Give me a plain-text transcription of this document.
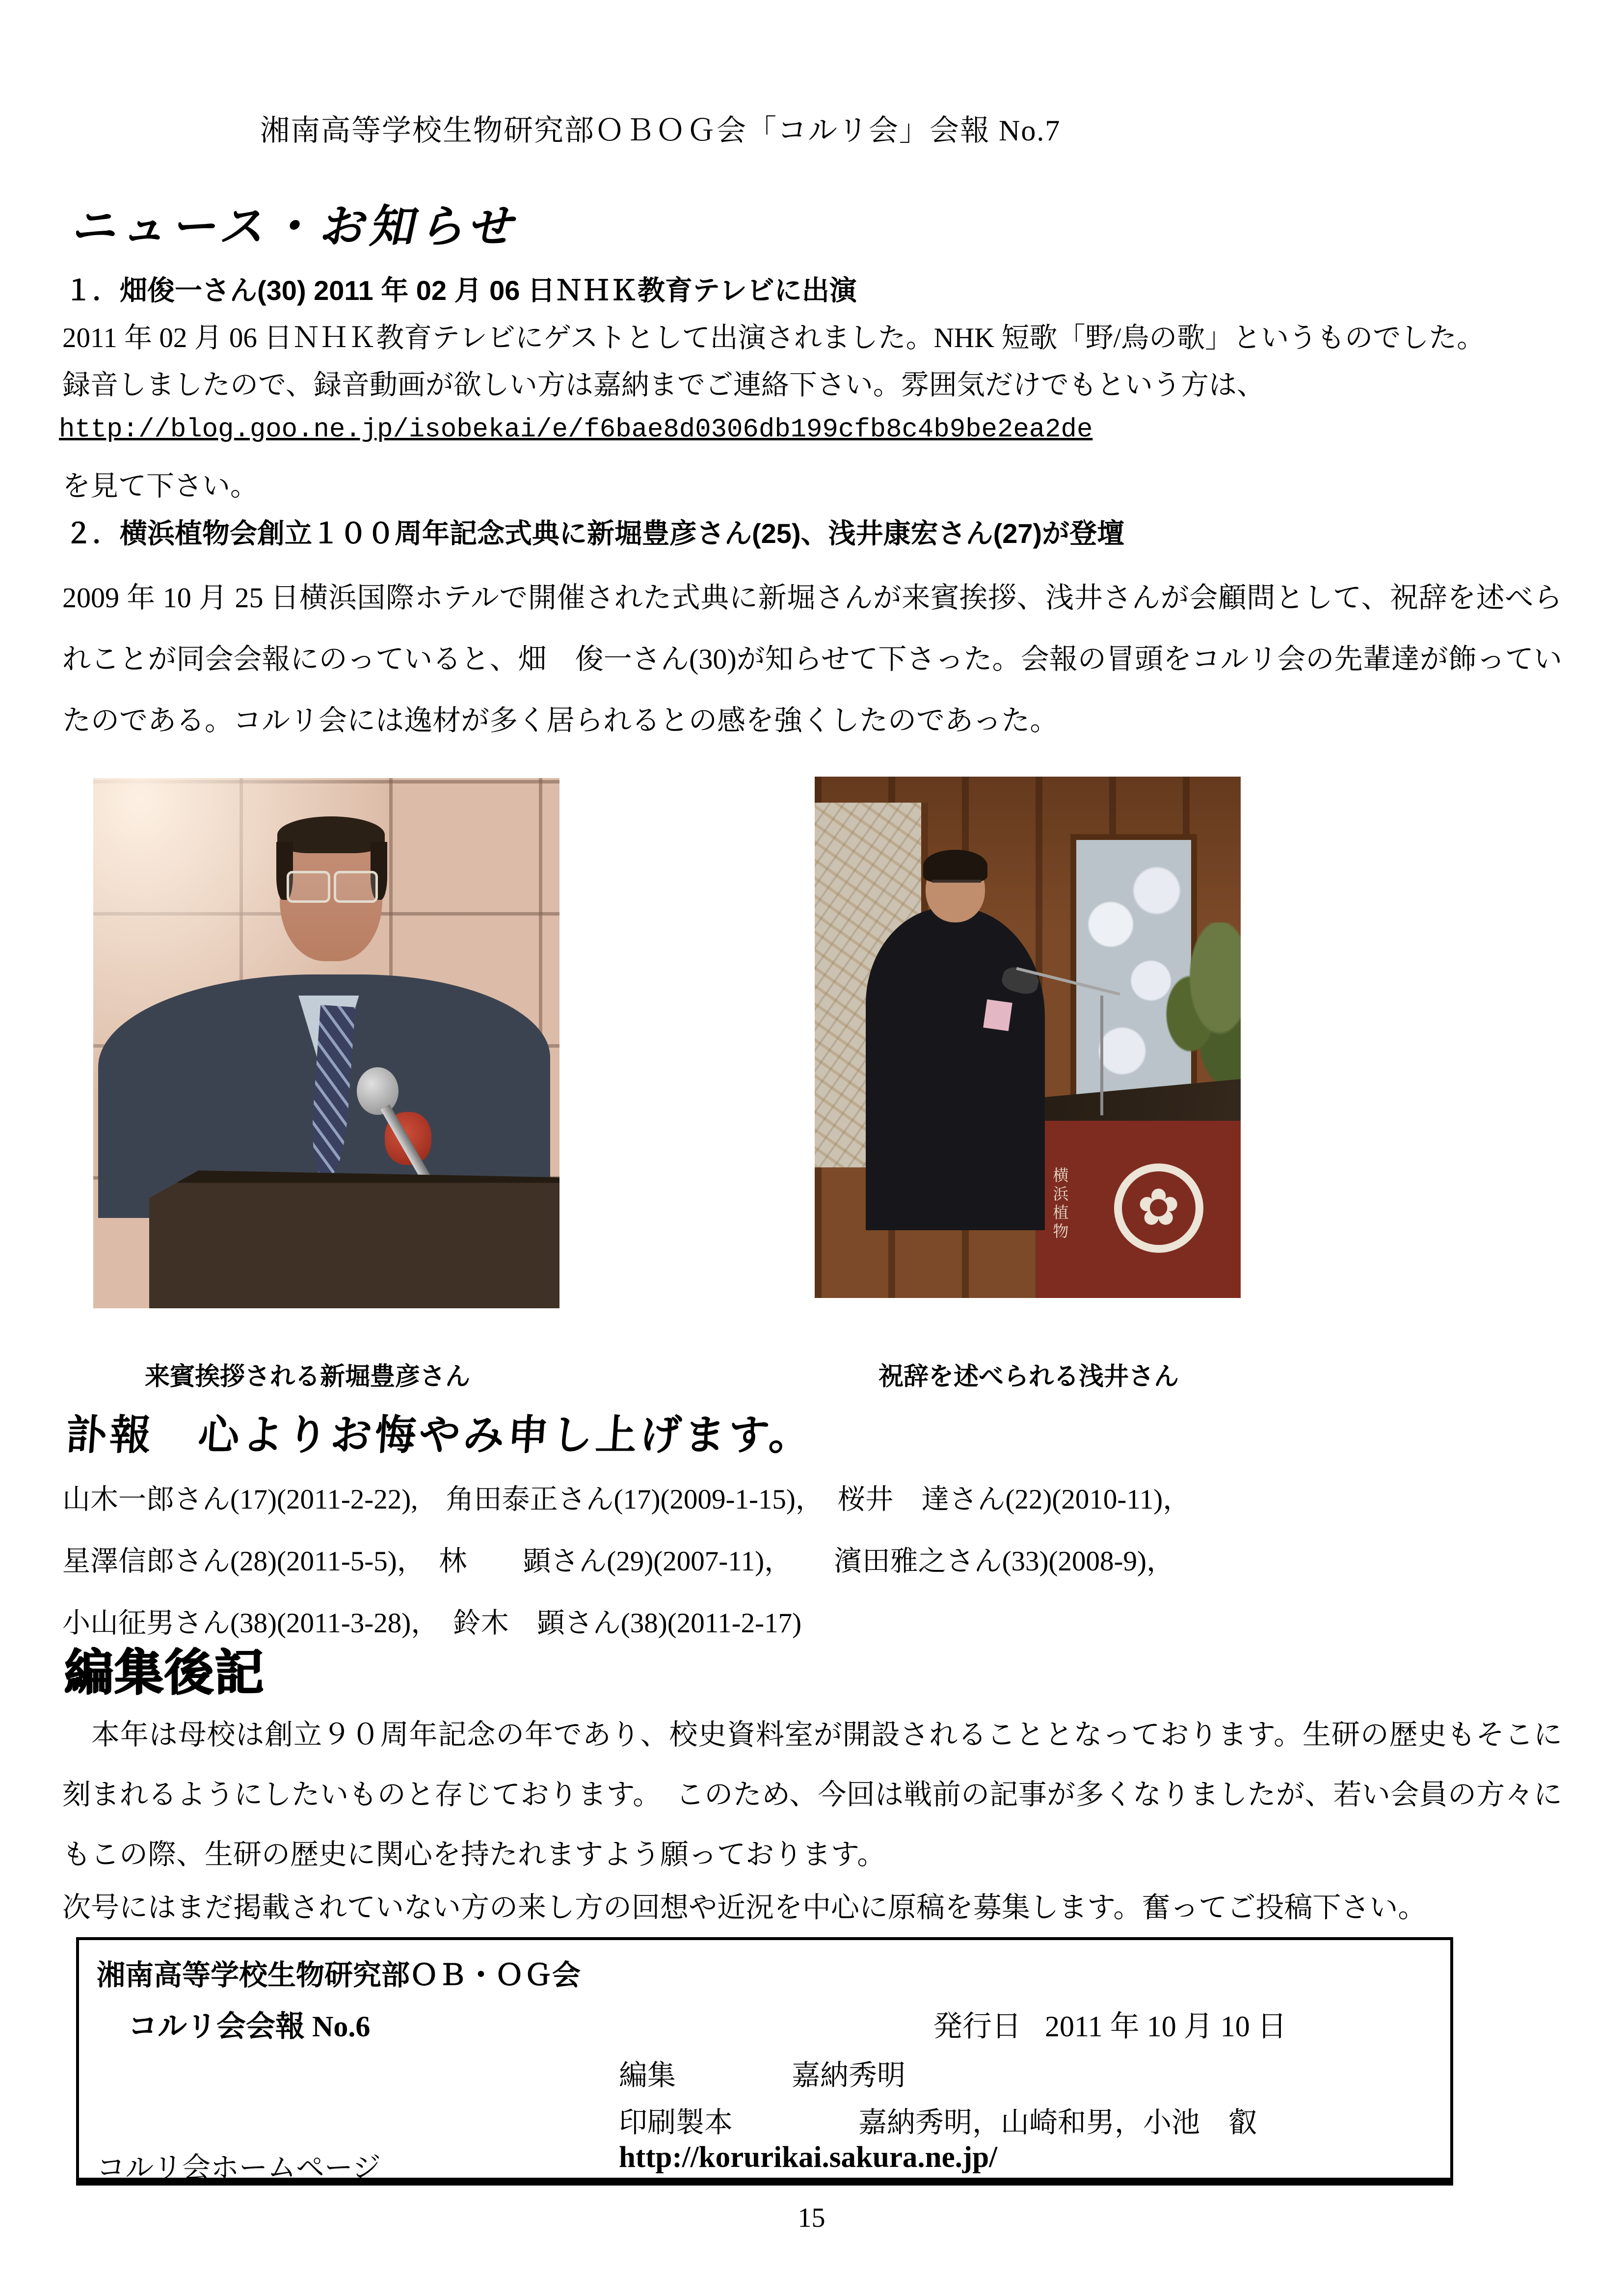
湘南高等学校生物研究部ＯＢＯＧ会「コルリ会」会報 No.7
ニュース・お知らせ
１．畑俊一さん(30) 2011 年 02 月 06 日ＮＨＫ教育テレビに出演
2011 年 02 月 06 日ＮＨＫ教育テレビにゲストとして出演されました。NHK 短歌「野/鳥の歌」というものでした。
録音しましたので、録音動画が欲しい方は嘉納までご連絡下さい。雰囲気だけでもという方は、
http://blog.goo.ne.jp/isobekai/e/f6bae8d0306db199cfb8c4b9be2ea2de
を見て下さい。
２．横浜植物会創立１００周年記念式典に新堀豊彦さん(25)、浅井康宏さん(27)が登壇
2009 年 10 月 25 日横浜国際ホテルで開催された式典に新堀さんが来賓挨拶、浅井さんが会顧問として、祝辞を述べられことが同会会報にのっていると、畑　俊一さん(30)が知らせて下さった。会報の冒頭をコルリ会の先輩達が飾っていたのである。コルリ会には逸材が多く居られるとの感を強くしたのであった。
✿
横浜植物
来賓挨拶される新堀豊彦さん	祝辞を述べられる浅井さん
訃報　心よりお悔やみ申し上げます。
山木一郎さん(17)(2011-2-22),　角田泰正さん(17)(2009-1-15)，　桜井　達さん(22)(2010-11)，
星澤信郎さん(28)(2011-5-5)，　林　　顕さん(29)(2007-11)，　　濱田雅之さん(33)(2008-9)，
小山征男さん(38)(2011-3-28)，　鈴木　顕さん(38)(2011-2-17)
編集後記
　本年は母校は創立９０周年記念の年であり、校史資料室が開設されることとなっております。生研の歴史もそこに刻まれるようにしたいものと存じております。　このため、今回は戦前の記事が多くなりましたが、若い会員の方々にもこの際、生研の歴史に関心を持たれますよう願っております。
次号にはまだ掲載されていない方の来し方の回想や近況を中心に原稿を募集します。奮ってご投稿下さい。
湘南高等学校生物研究部ＯＢ・ＯＧ会
コルリ会会報 No.6	発行日 2011 年 10 月 10 日
編集	嘉納秀明
印刷製本	嘉納秀明，山崎和男，小池　叡
コルリ会ホームページ	http://korurikai.sakura.ne.jp/
15
